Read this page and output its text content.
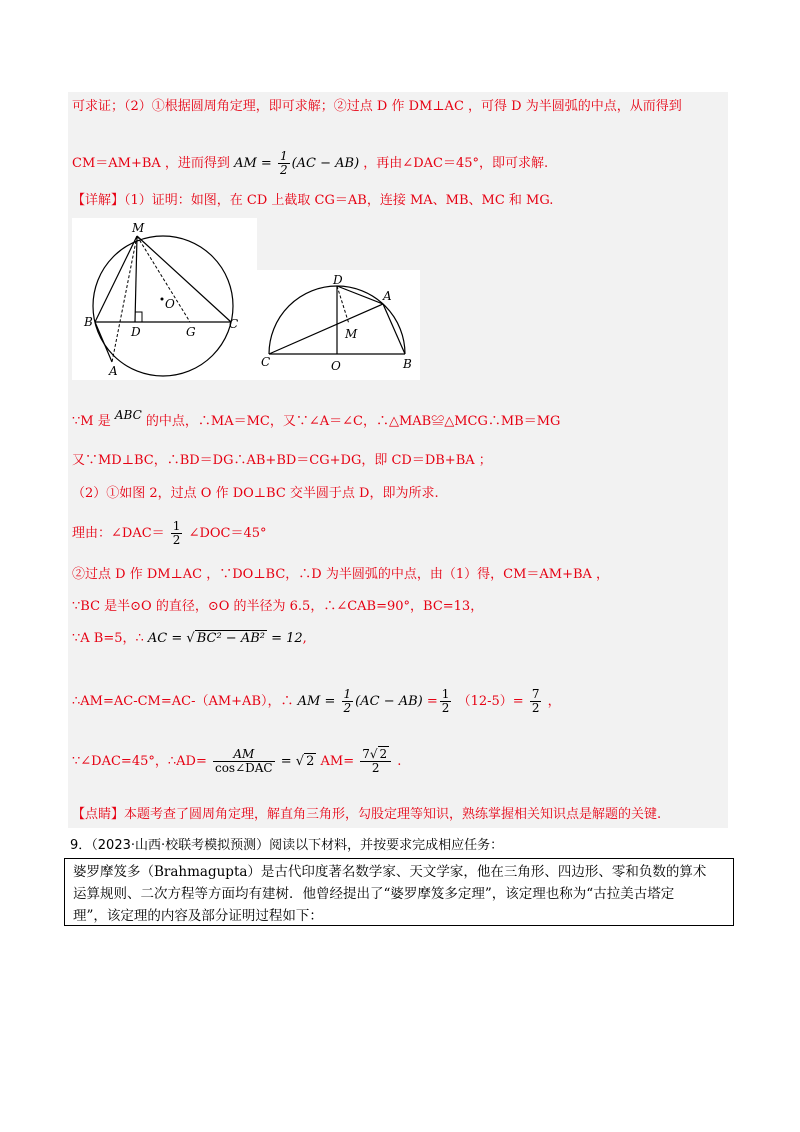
可求证；（2）①根据圆周角定理，即可求解；②过点 D 作 DM⊥AC ，可得 D 为半圆弧的中点，从而得到
CM＝AM+BA ，进而得到 AM = $\frac{1}{2} (AC - AB)$ ，再由∠DAC＝45°，即可求解.
【详解】（1）证明：如图，在 CD 上截取 CG＝AB，连接 MA、MB、MC 和 MG.
M
B
D
O
G
C
A
D
A
M
C	O	B
∵M 是 ABC 的中点，∴MA＝MC，又∵∠A＝∠C，∴△MAB≌△MCG∴MB＝MG
又∵MD⊥BC，∴BD＝DG∴AB+BD＝CG+DG，即 CD＝DB+BA ；
（2）①如图 2，过点 O 作 DO⊥BC 交半圆于点 D，即为所求.
理由：∠DAC＝ $\frac{1}{2}$ ∠DOC＝45°
②过点 D 作 DM⊥AC ，∵DO⊥BC，∴D 为半圆弧的中点，由（1）得，CM＝AM+BA ，
∵BC 是半⊙O 的直径，⊙O 的半径为 6.5，∴∠CAB=90°，BC=13，
∵A B=5，∴ AC = √ BC² − AB² = 12,
∴AM=AC-CM=AC-（AM+AB），∴ AM = $\frac{1}{2} (AC - AB) = \frac{1}{2} (12-5)= \frac{7}{2}$ ，
∵∠DAC=45°，∴AD= $\frac{AM}{\text{cos∠DAC}}$ = √ 2 $AM= \frac{7√ 2}{2}$ .
【点睛】本题考查了圆周角定理，解直角三角形，勾股定理等知识，熟练掌握相关知识点是解题的关键.
9．（2023·山西·校联考模拟预测）阅读以下材料，并按要求完成相应任务：
婆罗摩笈多（Brahmagupta）是古代印度著名数学家、天文学家，他在三角形、四边形、零和负数的算术
运算规则、二次方程等方面均有建树．他曾经提出了“婆罗摩笈多定理”，该定理也称为“古拉美古塔定
理”，该定理的内容及部分证明过程如下：
